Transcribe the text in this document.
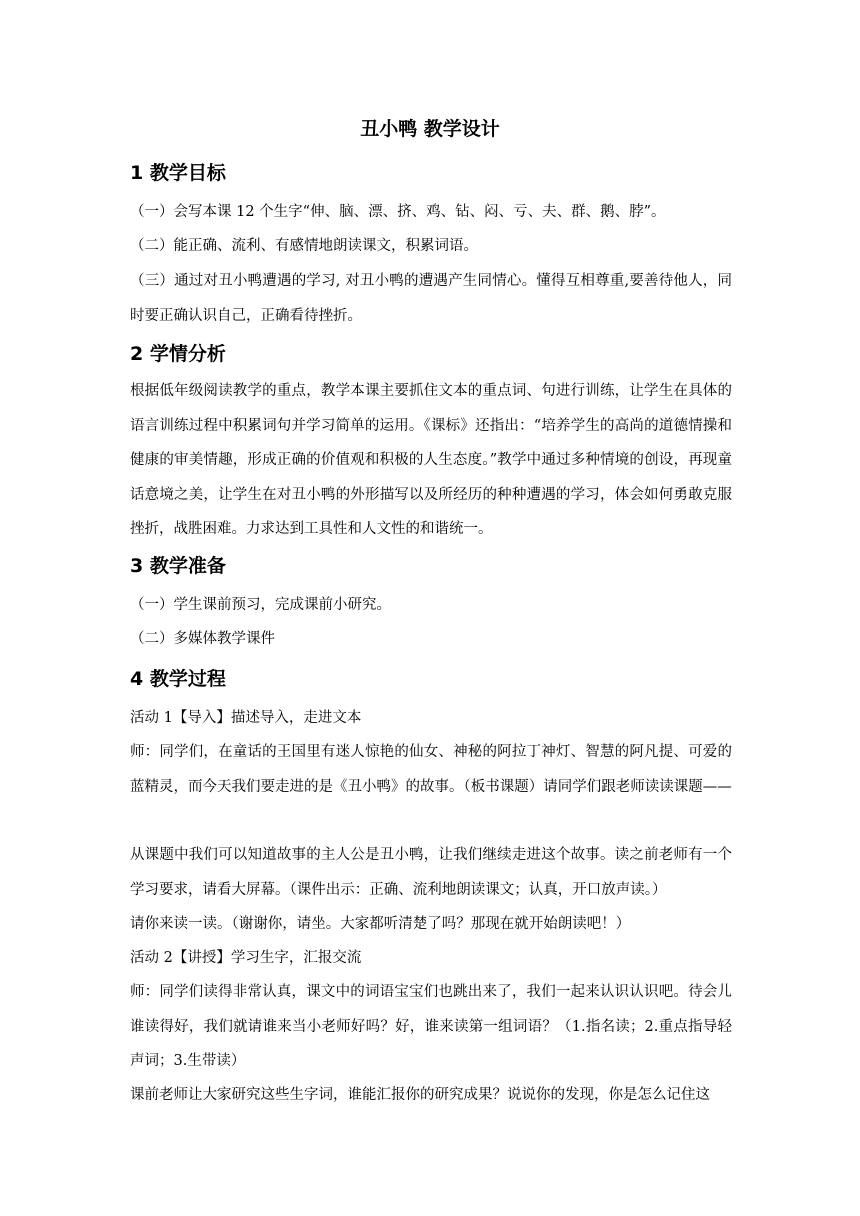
丑小鸭 教学设计
1 教学目标

（一）会写本课 12 个生字“伸、脑、漂、挤、鸡、钻、闷、亏、夫、群、鹅、脖”。

（二）能正确、流利、有感情地朗读课文，积累词语。

（三）通过对丑小鸭遭遇的学习, 对丑小鸭的遭遇产生同情心。懂得互相尊重,要善待他人，同时要正确认识自己，正确看待挫折。

2 学情分析

根据低年级阅读教学的重点，教学本课主要抓住文本的重点词、句进行训练，让学生在具体的语言训练过程中积累词句并学习简单的运用。《课标》还指出：“培养学生的高尚的道德情操和健康的审美情趣，形成正确的价值观和积极的人生态度。”教学中通过多种情境的创设，再现童话意境之美，让学生在对丑小鸭的外形描写以及所经历的种种遭遇的学习，体会如何勇敢克服挫折，战胜困难。力求达到工具性和人文性的和谐统一。

3 教学准备

（一）学生课前预习，完成课前小研究。

（二）多媒体教学课件

4 教学过程

活动 1【导入】描述导入，走进文本

师：同学们，在童话的王国里有迷人惊艳的仙女、神秘的阿拉丁神灯、智慧的阿凡提、可爱的蓝精灵，而今天我们要走进的是《丑小鸭》的故事。（板书课题）请同学们跟老师读读课题——

从课题中我们可以知道故事的主人公是丑小鸭，让我们继续走进这个故事。读之前老师有一个学习要求，请看大屏幕。（课件出示：正确、流利地朗读课文；认真，开口放声读。）

请你来读一读。（谢谢你，请坐。大家都听清楚了吗？那现在就开始朗读吧！）

活动 2【讲授】学习生字，汇报交流

师：同学们读得非常认真，课文中的词语宝宝们也跳出来了，我们一起来认识认识吧。待会儿谁读得好，我们就请谁来当小老师好吗？好，谁来读第一组词语？（1.指名读；2.重点指导轻声词；3.生带读）

课前老师让大家研究这些生字词，谁能汇报你的研究成果？说说你的发现，你是怎么记住这
